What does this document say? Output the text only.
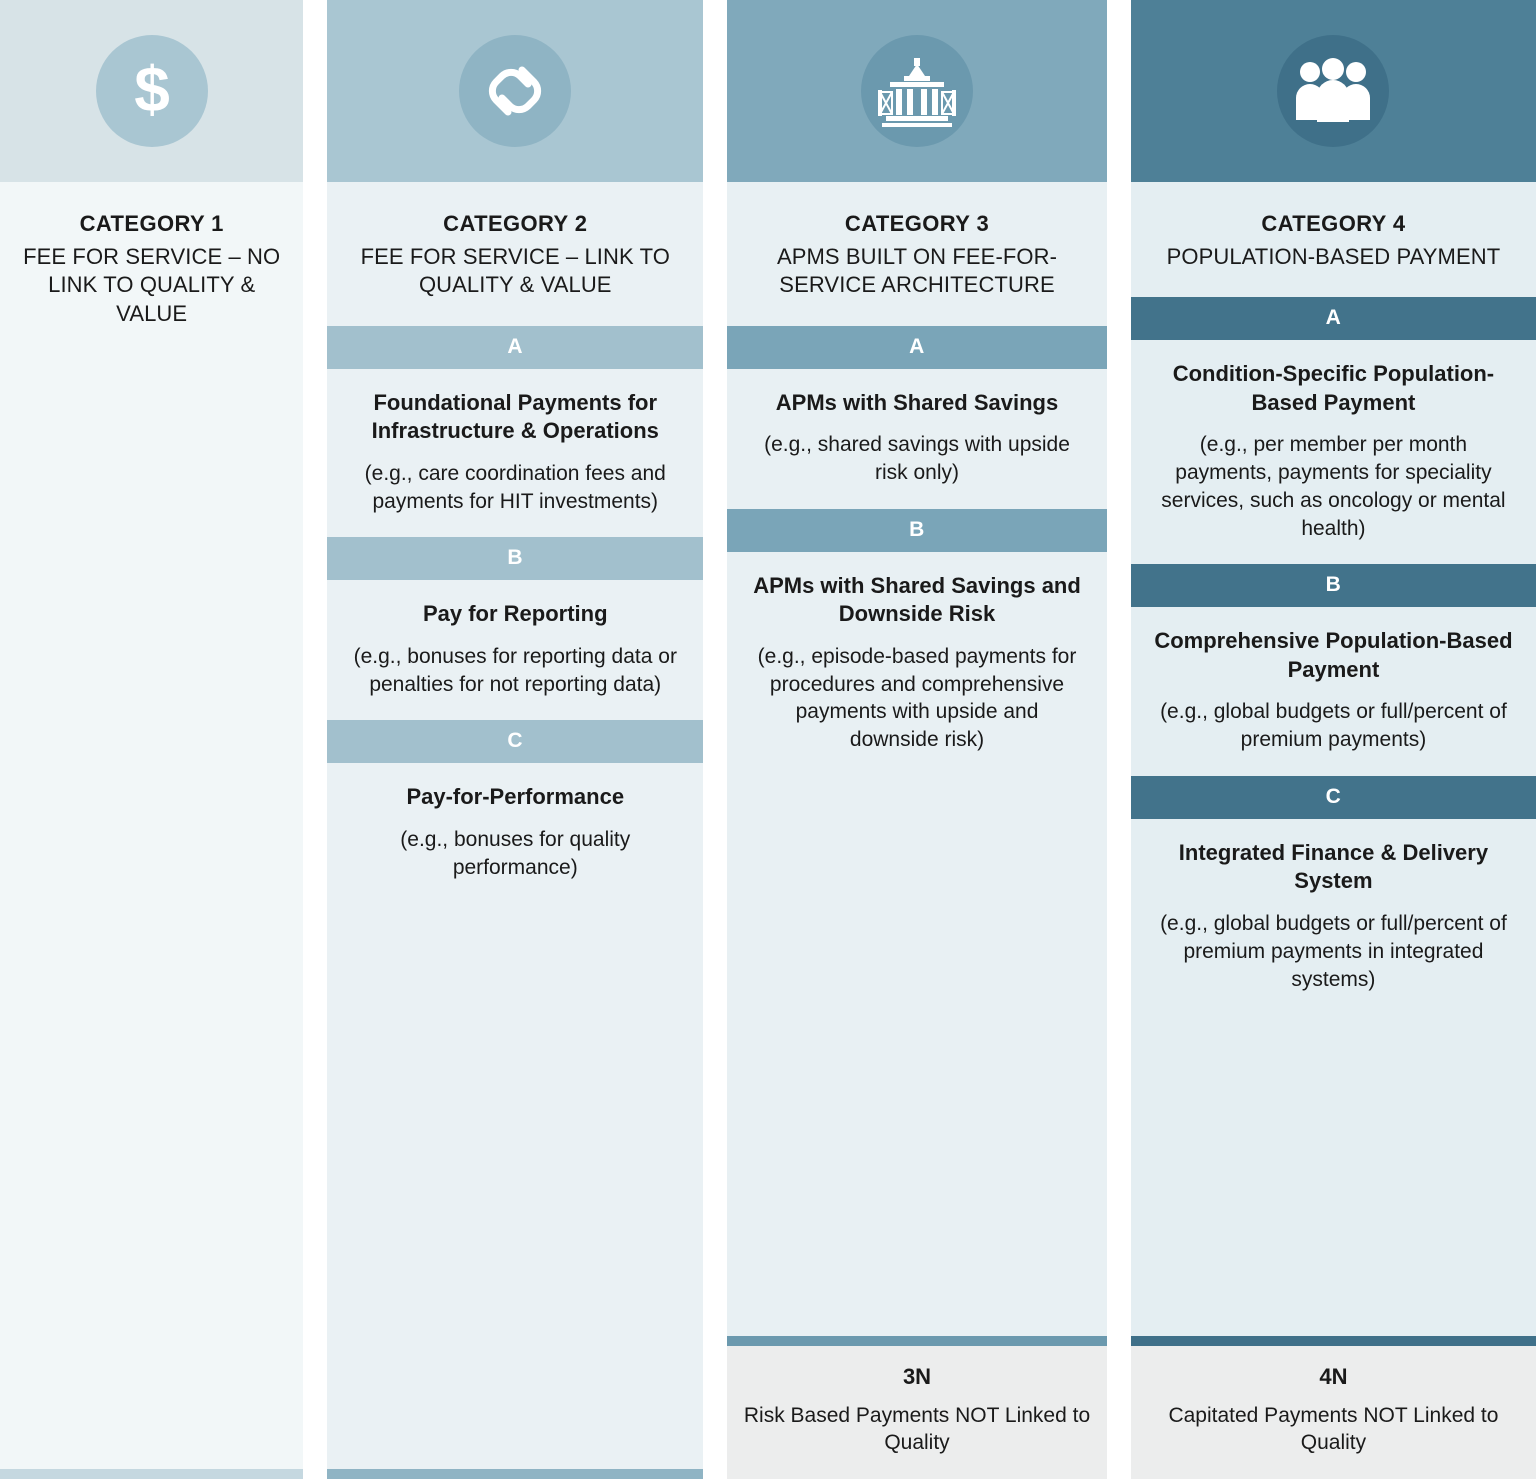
$
CATEGORY 1
FEE FOR SERVICE – NO LINK TO QUALITY & VALUE
CATEGORY 2
FEE FOR SERVICE – LINK TO QUALITY & VALUE
A

Foundational Payments for Infrastructure & Operations

(e.g., care coordination fees and payments for HIT investments)

B

Pay for Reporting

(e.g., bonuses for reporting data or penalties for not reporting data)

C

Pay-for-Performance

(e.g., bonuses for quality performance)

CATEGORY 3
APMS BUILT ON FEE-FOR-SERVICE ARCHITECTURE
A

APMs with Shared Savings

(e.g., shared savings with upside risk only)

B

APMs with Shared Savings and Downside Risk

(e.g., episode-based payments for procedures and comprehensive payments with upside and downside risk)

3N
Risk Based Payments NOT Linked to Quality
CATEGORY 4
POPULATION-BASED PAYMENT
A

Condition-Specific Population-Based Payment

(e.g., per member per month payments, payments for speciality services, such as oncology or mental health)

B

Comprehensive Population-Based Payment

(e.g., global budgets or full/percent of premium payments)

C

Integrated Finance & Delivery System

(e.g., global budgets or full/percent of premium payments in integrated systems)

4N
Capitated Payments NOT Linked to Quality
